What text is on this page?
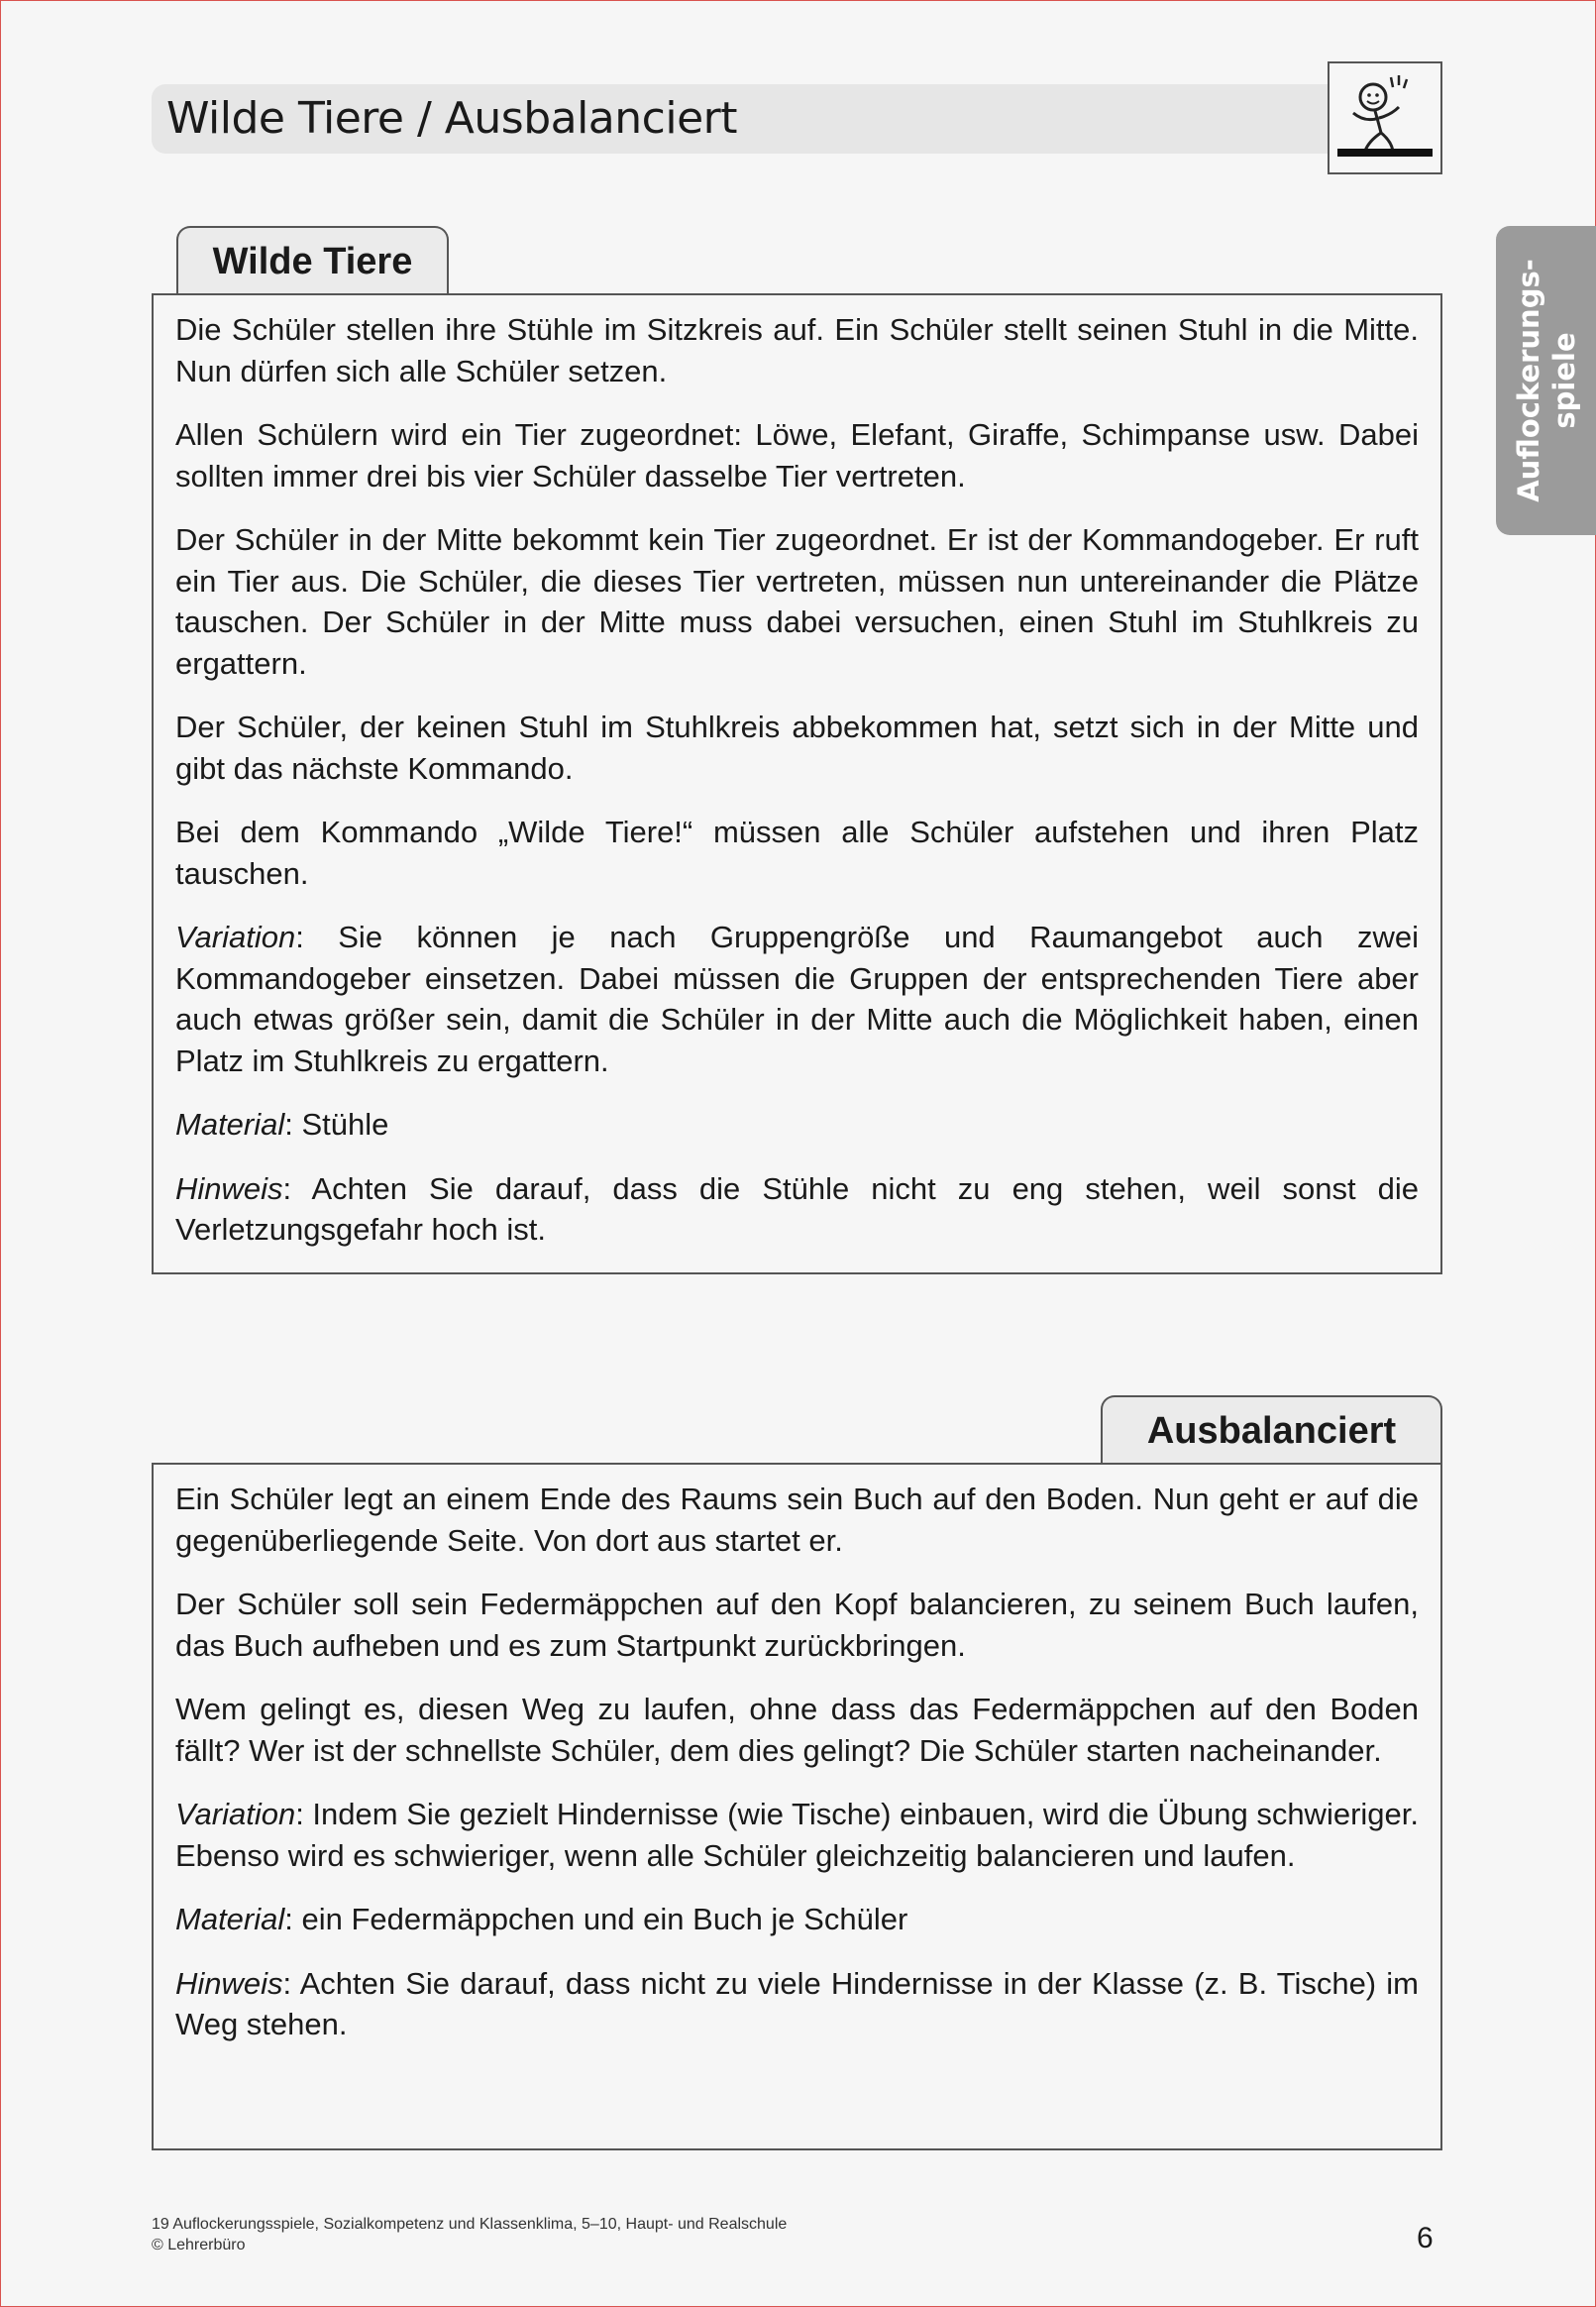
Wilde Tiere / Ausbalanciert
Auflockerungs- spiele
Wilde Tiere

Die Schüler stellen ihre Stühle im Sitzkreis auf. Ein Schüler stellt seinen Stuhl in die Mitte. Nun dürfen sich alle Schüler setzen.

Allen Schülern wird ein Tier zugeordnet: Löwe, Elefant, Giraffe, Schimpanse usw. Dabei sollten immer drei bis vier Schüler dasselbe Tier vertreten.

Der Schüler in der Mitte bekommt kein Tier zugeordnet. Er ist der Kommandogeber. Er ruft ein Tier aus. Die Schüler, die dieses Tier vertreten, müssen nun untereinander die Plätze tauschen. Der Schüler in der Mitte muss dabei versuchen, einen Stuhl im Stuhlkreis zu ergattern.

Der Schüler, der keinen Stuhl im Stuhlkreis abbekommen hat, setzt sich in der Mitte und gibt das nächste Kommando.

Bei dem Kommando „Wilde Tiere!“ müssen alle Schüler aufstehen und ihren Platz tauschen.

Variation: Sie können je nach Gruppengröße und Raumangebot auch zwei Kommandogeber einsetzen. Dabei müssen die Gruppen der entsprechenden Tiere aber auch etwas größer sein, damit die Schüler in der Mitte auch die Möglichkeit haben, einen Platz im Stuhlkreis zu ergattern.

Material: Stühle

Hinweis: Achten Sie darauf, dass die Stühle nicht zu eng stehen, weil sonst die Verletzungsgefahr hoch ist.

Ausbalanciert

Ein Schüler legt an einem Ende des Raums sein Buch auf den Boden. Nun geht er auf die gegenüberliegende Seite. Von dort aus startet er.

Der Schüler soll sein Federmäppchen auf den Kopf balancieren, zu seinem Buch laufen, das Buch aufheben und es zum Startpunkt zurückbringen.

Wem gelingt es, diesen Weg zu laufen, ohne dass das Federmäppchen auf den Boden fällt? Wer ist der schnellste Schüler, dem dies gelingt? Die Schüler starten nacheinander.

Variation: Indem Sie gezielt Hindernisse (wie Tische) einbauen, wird die Übung schwieriger. Ebenso wird es schwieriger, wenn alle Schüler gleichzeitig balancieren und laufen.

Material: ein Federmäppchen und ein Buch je Schüler

Hinweis: Achten Sie darauf, dass nicht zu viele Hindernisse in der Klasse (z. B. Tische) im Weg stehen.

19 Auflockerungsspiele, Sozialkompetenz und Klassenklima, 5–10, Haupt- und Realschule
© Lehrerbüro	6
